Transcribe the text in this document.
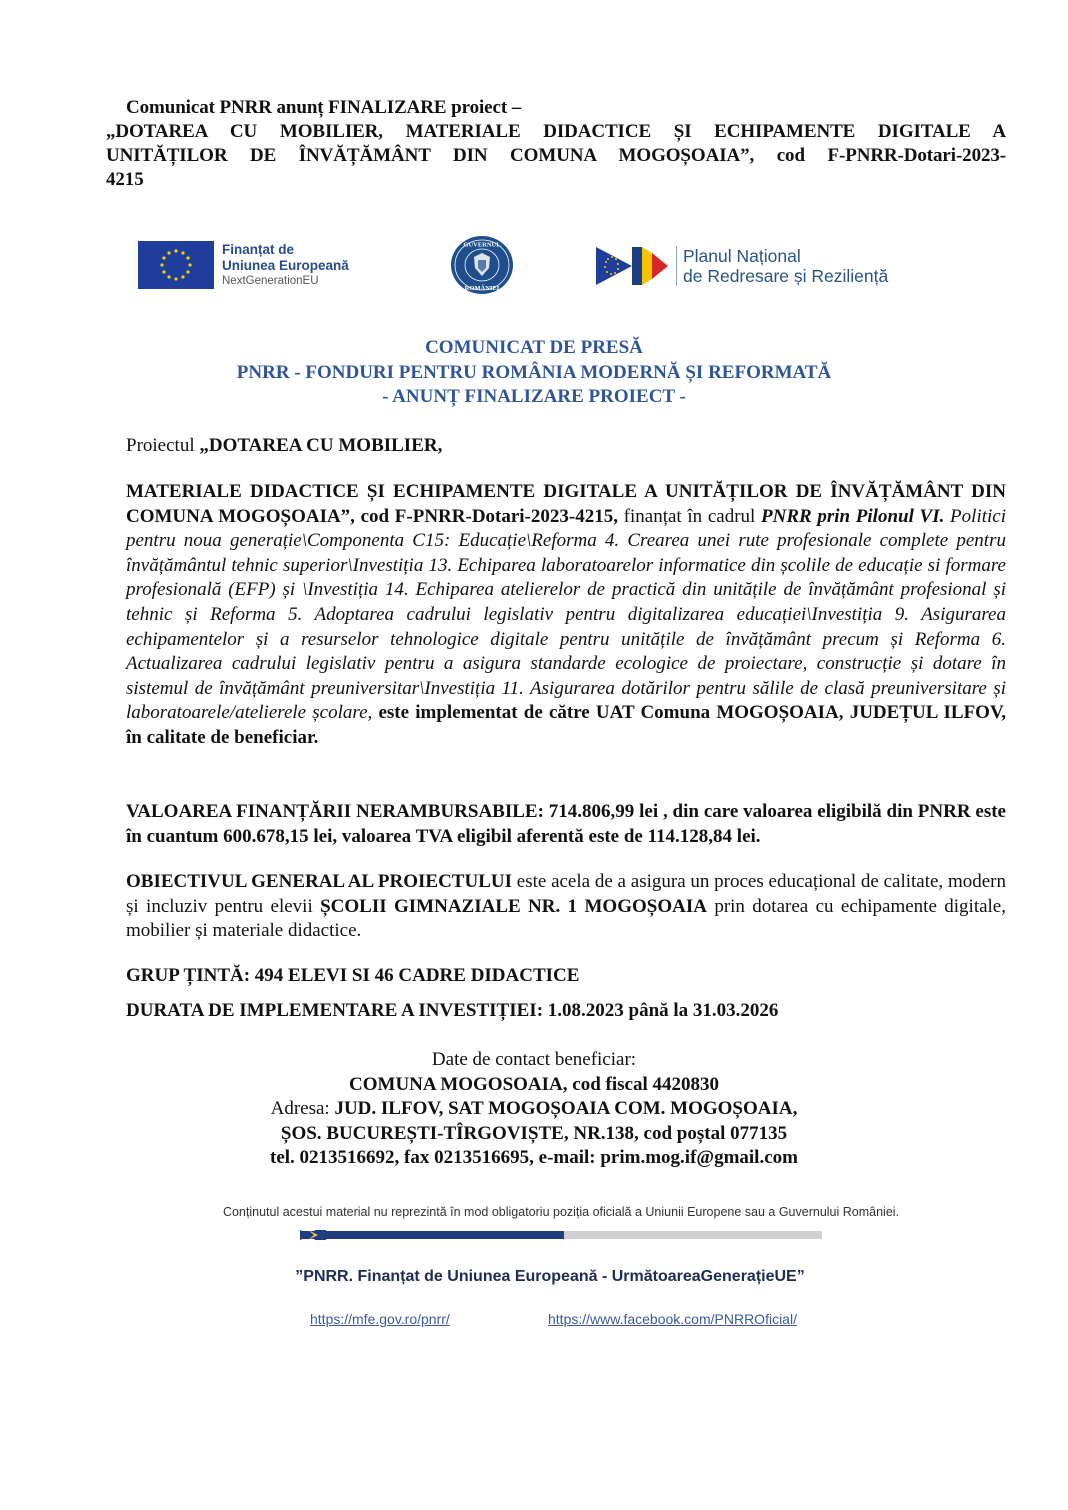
Comunicat PNRR anunț FINALIZARE proiect –
„DOTAREA CU MOBILIER, MATERIALE DIDACTICE ȘI ECHIPAMENTE DIGITALE A
UNITĂȚILOR DE ÎNVĂȚĂMÂNT DIN COMUNA MOGOȘOAIA”, cod F-PNRR-Dotari-2023-
4215
Finanțat de
Uniunea Europeană
NextGenerationEU
GUVERNUL
ROMÂNIEI
Planul Național
de Redresare și Reziliență
COMUNICAT DE PRESĂ
PNRR - FONDURI PENTRU ROMÂNIA MODERNĂ ȘI REFORMATĂ
- ANUNȚ FINALIZARE PROIECT -
Proiectul „DOTAREA CU MOBILIER,
MATERIALE DIDACTICE ȘI ECHIPAMENTE DIGITALE A UNITĂȚILOR DE ÎNVĂȚĂMÂNT DIN COMUNA MOGOȘOAIA”, cod F-PNRR-Dotari-2023-4215, finanțat în cadrul PNRR prin Pilonul VI. Politici pentru noua generație\Componenta C15: Educație\Reforma 4. Crearea unei rute profesionale complete pentru învățământul tehnic superior\Investiția 13. Echiparea laboratoarelor informatice din școlile de educație si formare profesională (EFP) și \Investiția 14. Echiparea atelierelor de practică din unitățile de învățământ profesional și tehnic și Reforma 5. Adoptarea cadrului legislativ pentru digitalizarea educației\Investiția 9. Asigurarea echipamentelor și a resurselor tehnologice digitale pentru unitățile de învățământ precum și Reforma 6. Actualizarea cadrului legislativ pentru a asigura standarde ecologice de proiectare, construcție și dotare în sistemul de învățământ preuniversitar\Investiția 11. Asigurarea dotărilor pentru sălile de clasă preuniversitare și laboratoarele/atelierele școlare, este implementat de către UAT Comuna MOGOȘOAIA, JUDEȚUL ILFOV, în calitate de beneficiar.
VALOAREA FINANȚĂRII NERAMBURSABILE: 714.806,99 lei , din care valoarea eligibilă din PNRR este în cuantum 600.678,15 lei, valoarea TVA eligibil aferentă este de 114.128,84 lei.
OBIECTIVUL GENERAL AL PROIECTULUI este acela de a asigura un proces educațional de calitate, modern și incluziv pentru elevii ȘCOLII GIMNAZIALE NR. 1 MOGOȘOAIA prin dotarea cu echipamente digitale, mobilier și materiale didactice.
GRUP ȚINTĂ: 494 ELEVI SI 46 CADRE DIDACTICE
DURATA DE IMPLEMENTARE A INVESTIȚIEI: 1.08.2023 până la 31.03.2026
Date de contact beneficiar:
COMUNA MOGOSOAIA, cod fiscal 4420830
Adresa: JUD. ILFOV, SAT MOGOȘOAIA COM. MOGOȘOAIA,
ȘOS. BUCUREȘTI-TÎRGOVIȘTE, NR.138, cod poștal 077135
tel. 0213516692, fax 0213516695, e-mail: prim.mog.if@gmail.com
Conținutul acestui material nu reprezintă în mod obligatoriu poziția oficială a Uniunii Europene sau a Guvernului României.
”PNRR. Finanțat de Uniunea Europeană - UrmătoareaGenerațieUE”
https://mfe.gov.ro/pnrr/	https://www.facebook.com/PNRROficial/
